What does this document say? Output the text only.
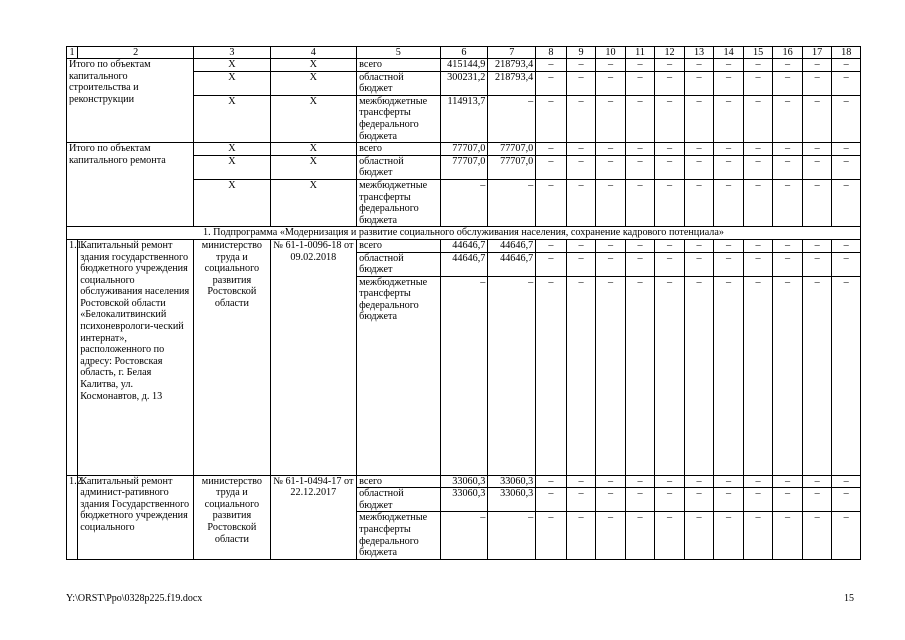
1	2	3	4	5	6	7	8	9	10	11	12	13	14	15	16	17	18
Итого по объектам капитального строительства и реконструкции		Х	Х	всего	415144,9	218793,4	–	–	–	–	–	–	–	–	–	–	–
		Х	Х	областной бюджет	300231,2	218793,4	–	–	–	–	–	–	–	–	–	–	–
		Х	Х	межбюджетные трансферты федерального бюджета	114913,7	–	–	–	–	–	–	–	–	–	–	–	–
Итого по объектам капитального ремонта		Х	Х	всего	77707,0	77707,0	–	–	–	–	–	–	–	–	–	–	–
		Х	Х	областной бюджет	77707,0	77707,0	–	–	–	–	–	–	–	–	–	–	–
		Х	Х	межбюджетные трансферты федерального бюджета	–	–	–	–	–	–	–	–	–	–	–	–	–
1. Подпрограмма «Модернизация и развитие социального обслуживания населения, сохранение кадрового потенциала»																	
1.1.	Капитальный ремонт здания государственного бюджетного учреждения социального обслуживания населения Ростовской области «Белокалитвинский психоневрологи-ческий интернат», расположенного по адресу: Ростовская область, г. Белая Калитва, ул. Космонавтов, д. 13	министерство труда и социального развития Ростовской области	№ 61-1-0096-18 от 09.02.2018	всего	44646,7	44646,7	–	–	–	–	–	–	–	–	–	–	–
				областной бюджет	44646,7	44646,7	–	–	–	–	–	–	–	–	–	–	–
				межбюджетные трансферты федерального бюджета	–	–	–	–	–	–	–	–	–	–	–	–	–
1.2.	Капитальный ремонт админист-ративного здания Государственного бюджетного учреждения социального	министерство труда и социального развития Ростовской области	№ 61-1-0494-17 от 22.12.2017	всего	33060,3	33060,3	–	–	–	–	–	–	–	–	–	–	–
				областной бюджет	33060,3	33060,3	–	–	–	–	–	–	–	–	–	–	–
				межбюджетные трансферты федерального бюджета	–	–	–	–	–	–	–	–	–	–	–	–	–
Y:\ORST\Ppo\0328p225.f19.docx	15
